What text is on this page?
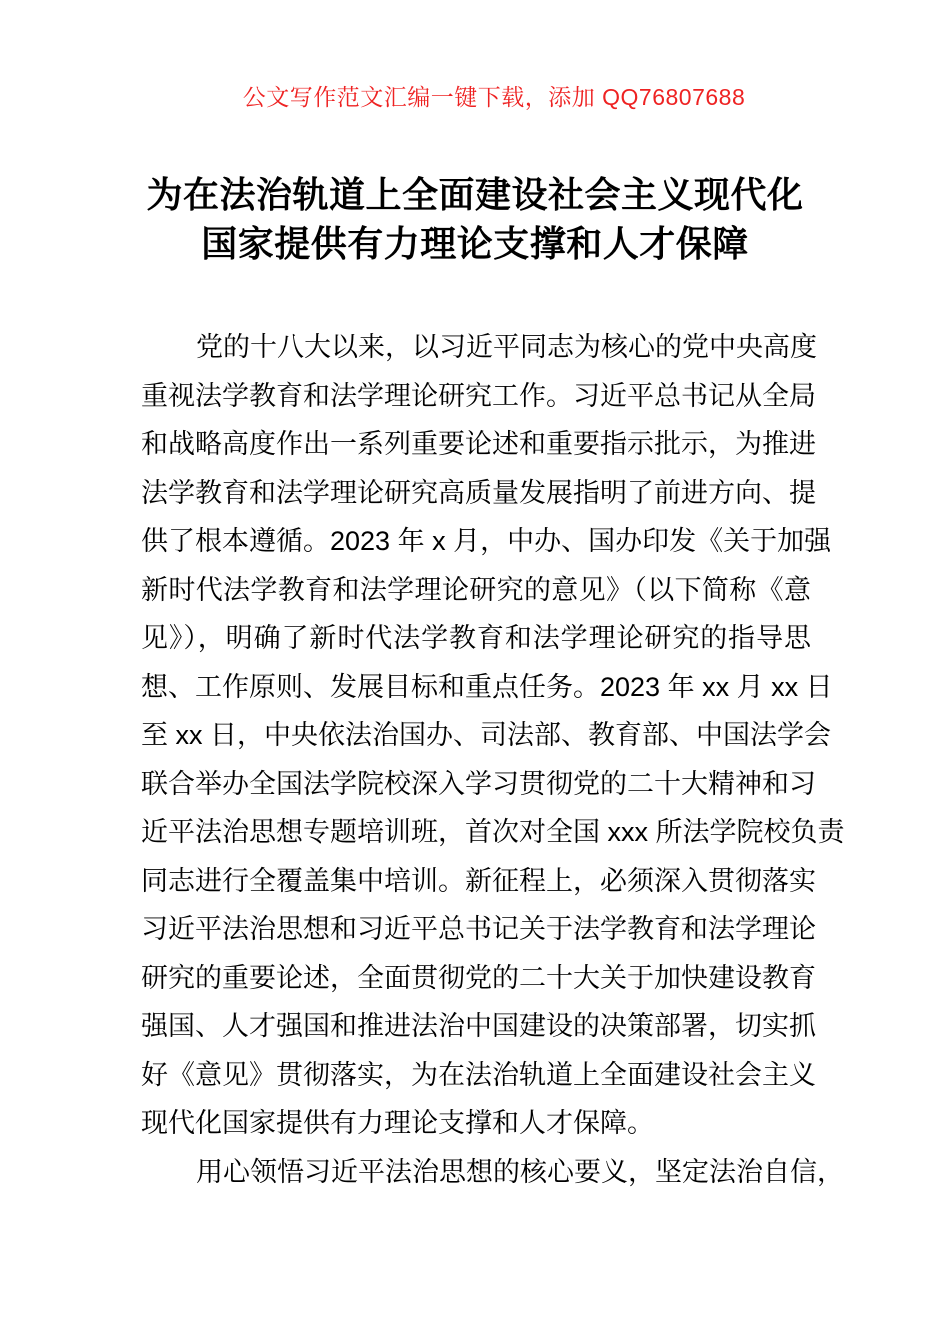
公文写作范文汇编一键下载，添加 QQ76807688
为在法治轨道上全面建设社会主义现代化
国家提供有力理论支撑和人才保障
党的十八大以来，以习近平同志为核心的党中央高度
重视法学教育和法学理论研究工作。习近平总书记从全局
和战略高度作出一系列重要论述和重要指示批示，为推进
法学教育和法学理论研究高质量发展指明了前进方向、提
供了根本遵循。2023 年 x 月，中办、国办印发《关于加强
新时代法学教育和法学理论研究的意见》（以下简称《意
见》），明确了新时代法学教育和法学理论研究的指导思
想、工作原则、发展目标和重点任务。2023 年 xx 月 xx 日
至 xx 日，中央依法治国办、司法部、教育部、中国法学会
联合举办全国法学院校深入学习贯彻党的二十大精神和习
近平法治思想专题培训班，首次对全国 xxx 所法学院校负责
同志进行全覆盖集中培训。新征程上，必须深入贯彻落实
习近平法治思想和习近平总书记关于法学教育和法学理论
研究的重要论述，全面贯彻党的二十大关于加快建设教育
强国、人才强国和推进法治中国建设的决策部署，切实抓
好《意见》贯彻落实，为在法治轨道上全面建设社会主义
现代化国家提供有力理论支撑和人才保障。
用心领悟习近平法治思想的核心要义，坚定法治自信，
